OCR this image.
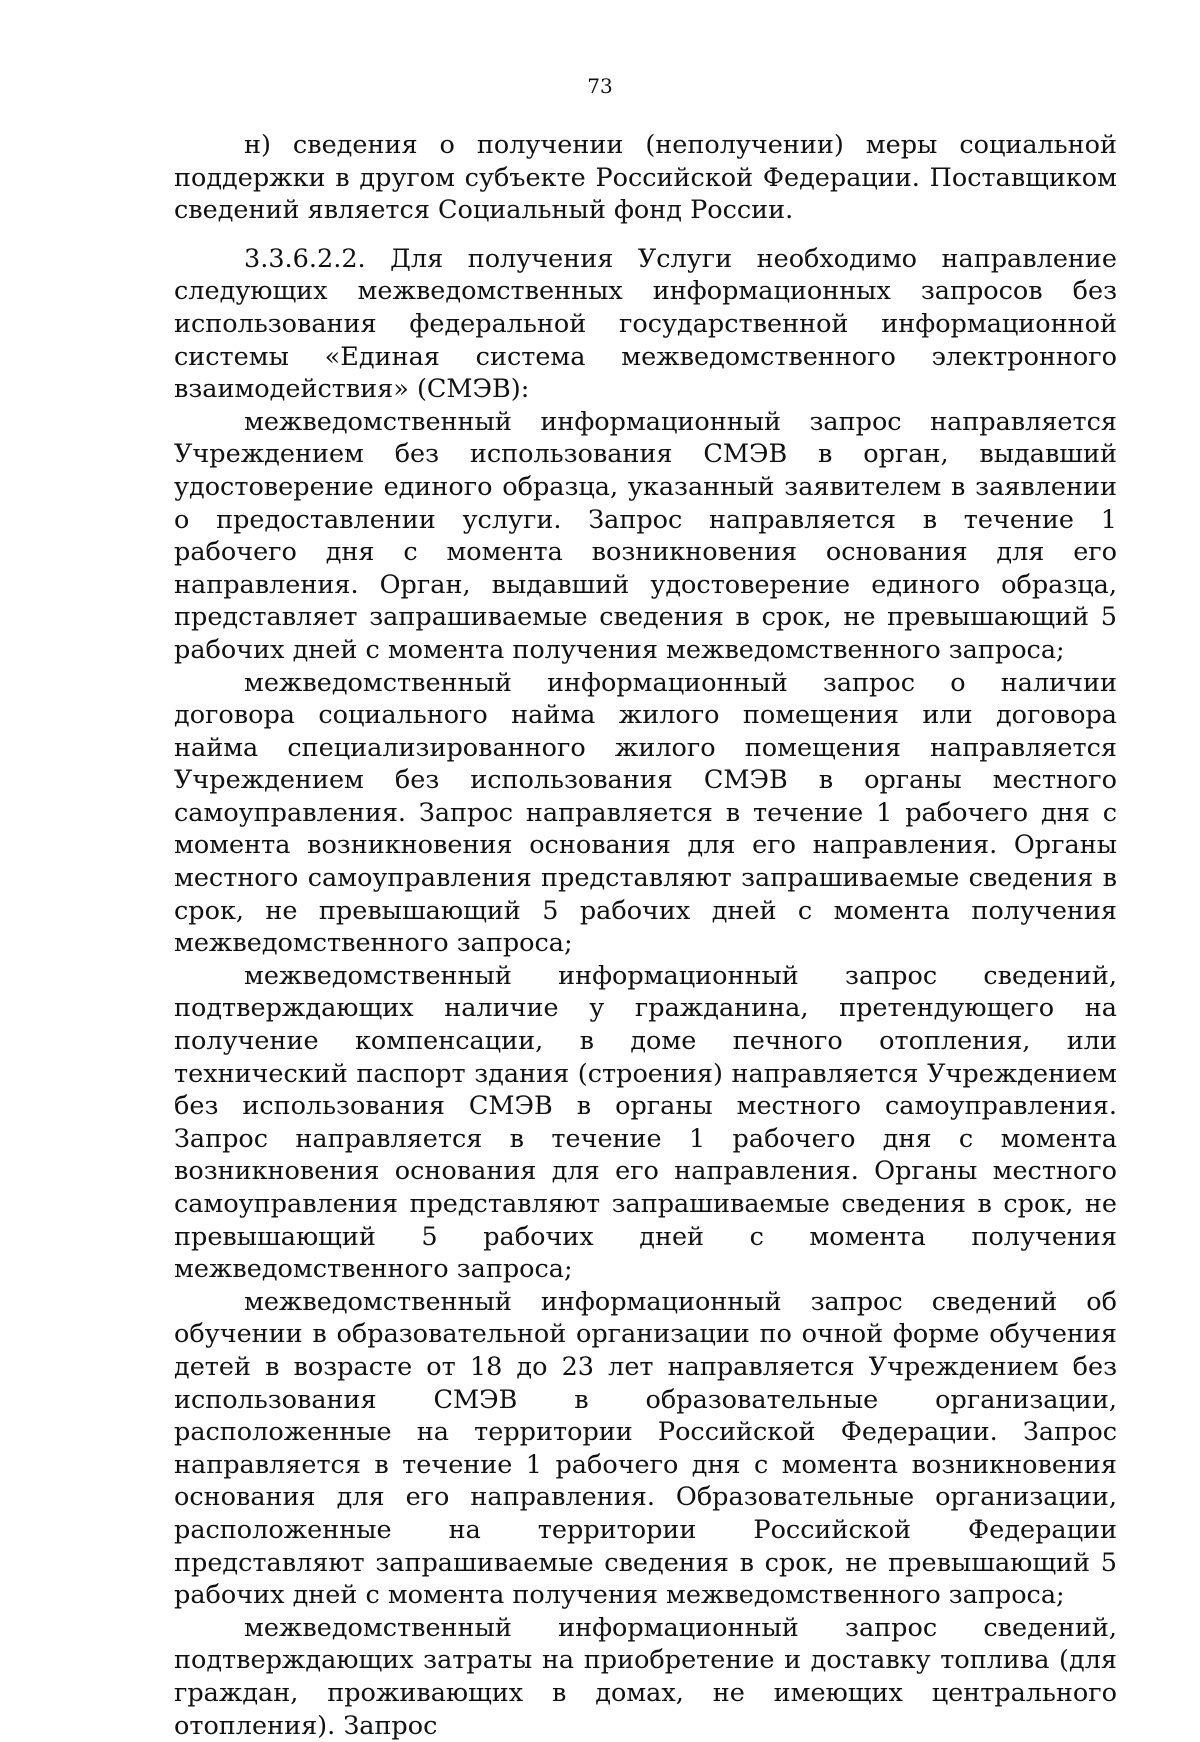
73

н) сведения о получении (неполучении) меры социальной поддержки в другом субъекте Российской Федерации. Поставщиком сведений является Социальный фонд России.

3.3.6.2.2. Для получения Услуги необходимо направление следующих межведомственных информационных запросов без использования федеральной государственной информационной системы «Единая система межведомственного электронного взаимодействия» (СМЭВ):

межведомственный информационный запрос направляется Учреждением без использования СМЭВ в орган, выдавший удостоверение единого образца, указанный заявителем в заявлении о предоставлении услуги. Запрос направляется в течение 1 рабочего дня с момента возникновения основания для его направления. Орган, выдавший удостоверение единого образца, представляет запрашиваемые сведения в срок, не превышающий 5 рабочих дней с момента получения межведомственного запроса;

межведомственный информационный запрос о наличии договора социального найма жилого помещения или договора найма специализированного жилого помещения направляется Учреждением без использования СМЭВ в органы местного самоуправления. Запрос направляется в течение 1 рабочего дня с момента возникновения основания для его направления. Органы местного самоуправления представляют запрашиваемые сведения в срок, не превышающий 5 рабочих дней с момента получения межведомственного запроса;

межведомственный информационный запрос сведений, подтверждающих наличие у гражданина, претендующего на получение компенсации, в доме печного отопления, или технический паспорт здания (строения) направляется Учреждением без использования СМЭВ в органы местного самоуправления. Запрос направляется в течение 1 рабочего дня с момента возникновения основания для его направления. Органы местного самоуправления представляют запрашиваемые сведения в срок, не превышающий 5 рабочих дней с момента получения межведомственного запроса;

межведомственный информационный запрос сведений об обучении в образовательной организации по очной форме обучения детей в возрасте от 18 до 23 лет направляется Учреждением без использования СМЭВ в образовательные организации, расположенные на территории Российской Федерации. Запрос направляется в течение 1 рабочего дня с момента возникновения основания для его направления. Образовательные организации, расположенные на территории Российской Федерации представляют запрашиваемые сведения в срок, не превышающий 5 рабочих дней с момента получения межведомственного запроса;

межведомственный информационный запрос сведений, подтверждающих затраты на приобретение и доставку топлива (для граждан, проживающих в домах, не имеющих центрального отопления). Запрос
